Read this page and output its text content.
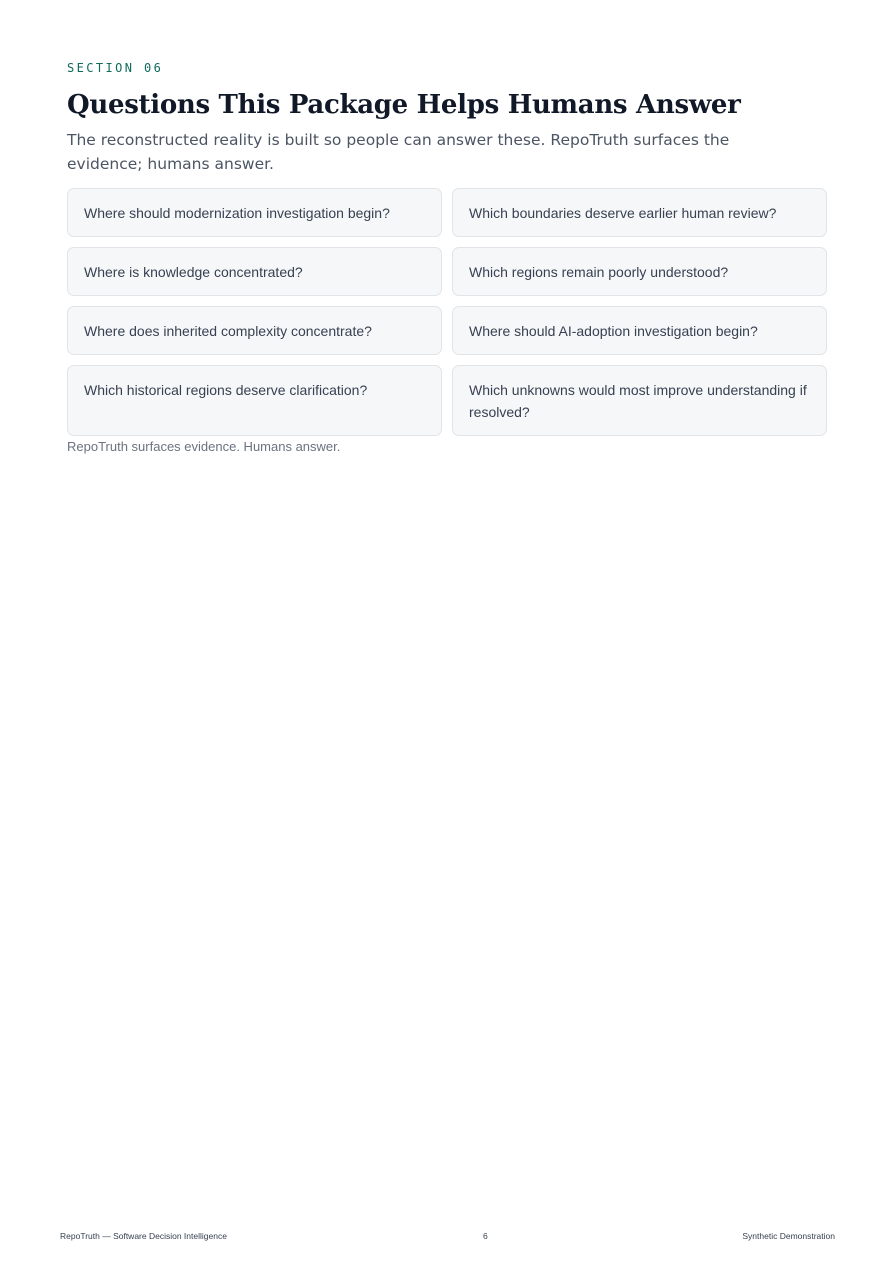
SECTION 06
Questions This Package Helps Humans Answer

The reconstructed reality is built so people can answer these. RepoTruth surfaces the evidence; humans answer.

Where should modernization investigation begin?	Which boundaries deserve earlier human review?
Where is knowledge concentrated?	Which regions remain poorly understood?
Where does inherited complexity concentrate?	Where should AI-adoption investigation begin?
Which historical regions deserve clarification?	Which unknowns would most improve understanding if resolved?

RepoTruth surfaces evidence. Humans answer.

RepoTruth — Software Decision Intelligence	6	Synthetic Demonstration
